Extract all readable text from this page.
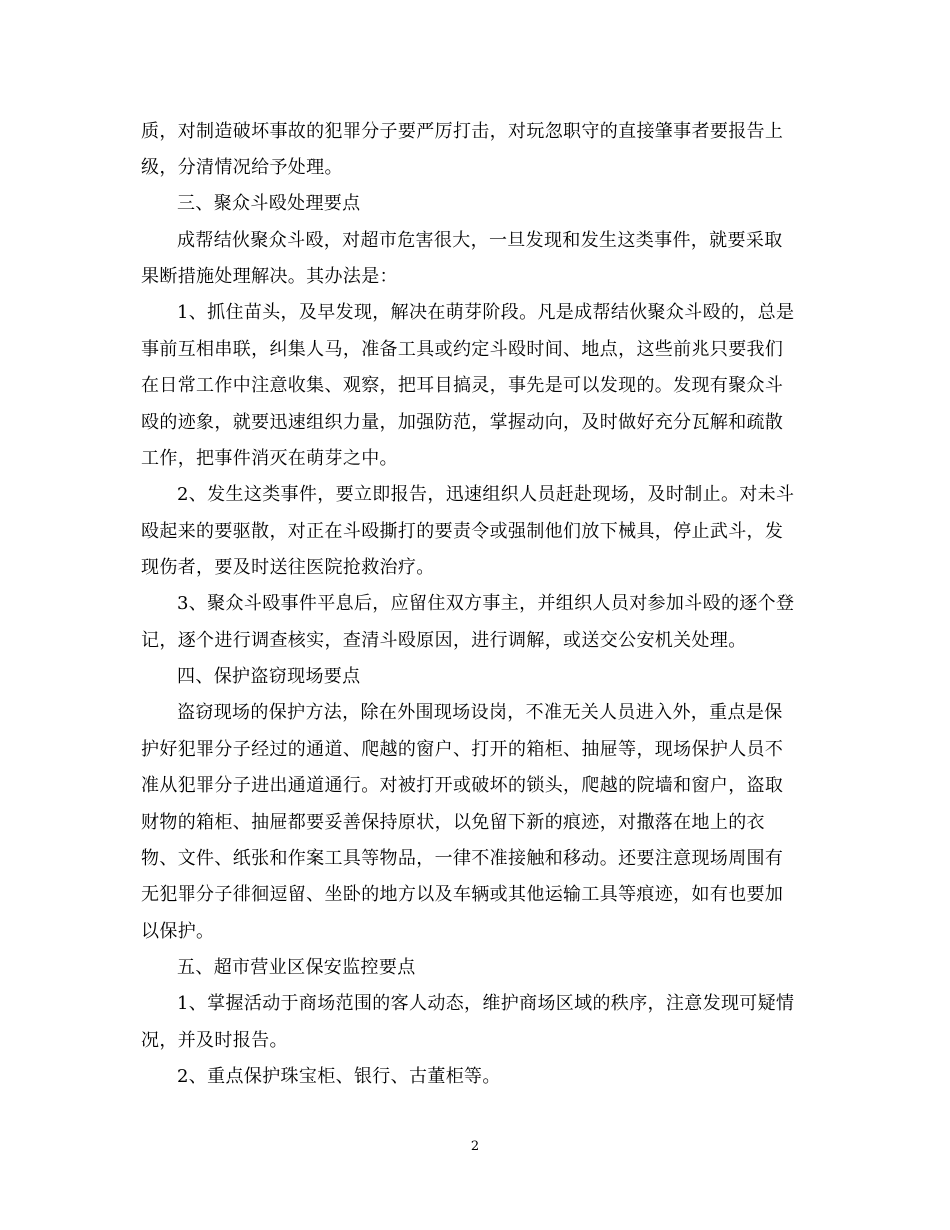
质，对制造破坏事故的犯罪分子要严厉打击，对玩忽职守的直接肇事者要报告上
级，分清情况给予处理。
三、聚众斗殴处理要点
成帮结伙聚众斗殴，对超市危害很大，一旦发现和发生这类事件，就要采取
果断措施处理解决。其办法是：
1、抓住苗头，及早发现，解决在萌芽阶段。凡是成帮结伙聚众斗殴的，总是
事前互相串联，纠集人马，准备工具或约定斗殴时间、地点，这些前兆只要我们
在日常工作中注意收集、观察，把耳目搞灵，事先是可以发现的。发现有聚众斗
殴的迹象，就要迅速组织力量，加强防范，掌握动向，及时做好充分瓦解和疏散
工作，把事件消灭在萌芽之中。
2、发生这类事件，要立即报告，迅速组织人员赶赴现场，及时制止。对未斗
殴起来的要驱散，对正在斗殴撕打的要责令或强制他们放下械具，停止武斗，发
现伤者，要及时送往医院抢救治疗。
3、聚众斗殴事件平息后，应留住双方事主，并组织人员对参加斗殴的逐个登
记，逐个进行调查核实，查清斗殴原因，进行调解，或送交公安机关处理。
四、保护盗窃现场要点
盗窃现场的保护方法，除在外围现场设岗，不准无关人员进入外，重点是保
护好犯罪分子经过的通道、爬越的窗户、打开的箱柜、抽屉等，现场保护人员不
准从犯罪分子进出通道通行。对被打开或破坏的锁头，爬越的院墙和窗户，盗取
财物的箱柜、抽屉都要妥善保持原状，以免留下新的痕迹，对撒落在地上的衣
物、文件、纸张和作案工具等物品，一律不准接触和移动。还要注意现场周围有
无犯罪分子徘徊逗留、坐卧的地方以及车辆或其他运输工具等痕迹，如有也要加
以保护。
五、超市营业区保安监控要点
1、掌握活动于商场范围的客人动态，维护商场区域的秩序，注意发现可疑情
况，并及时报告。
2、重点保护珠宝柜、银行、古董柜等。
2
